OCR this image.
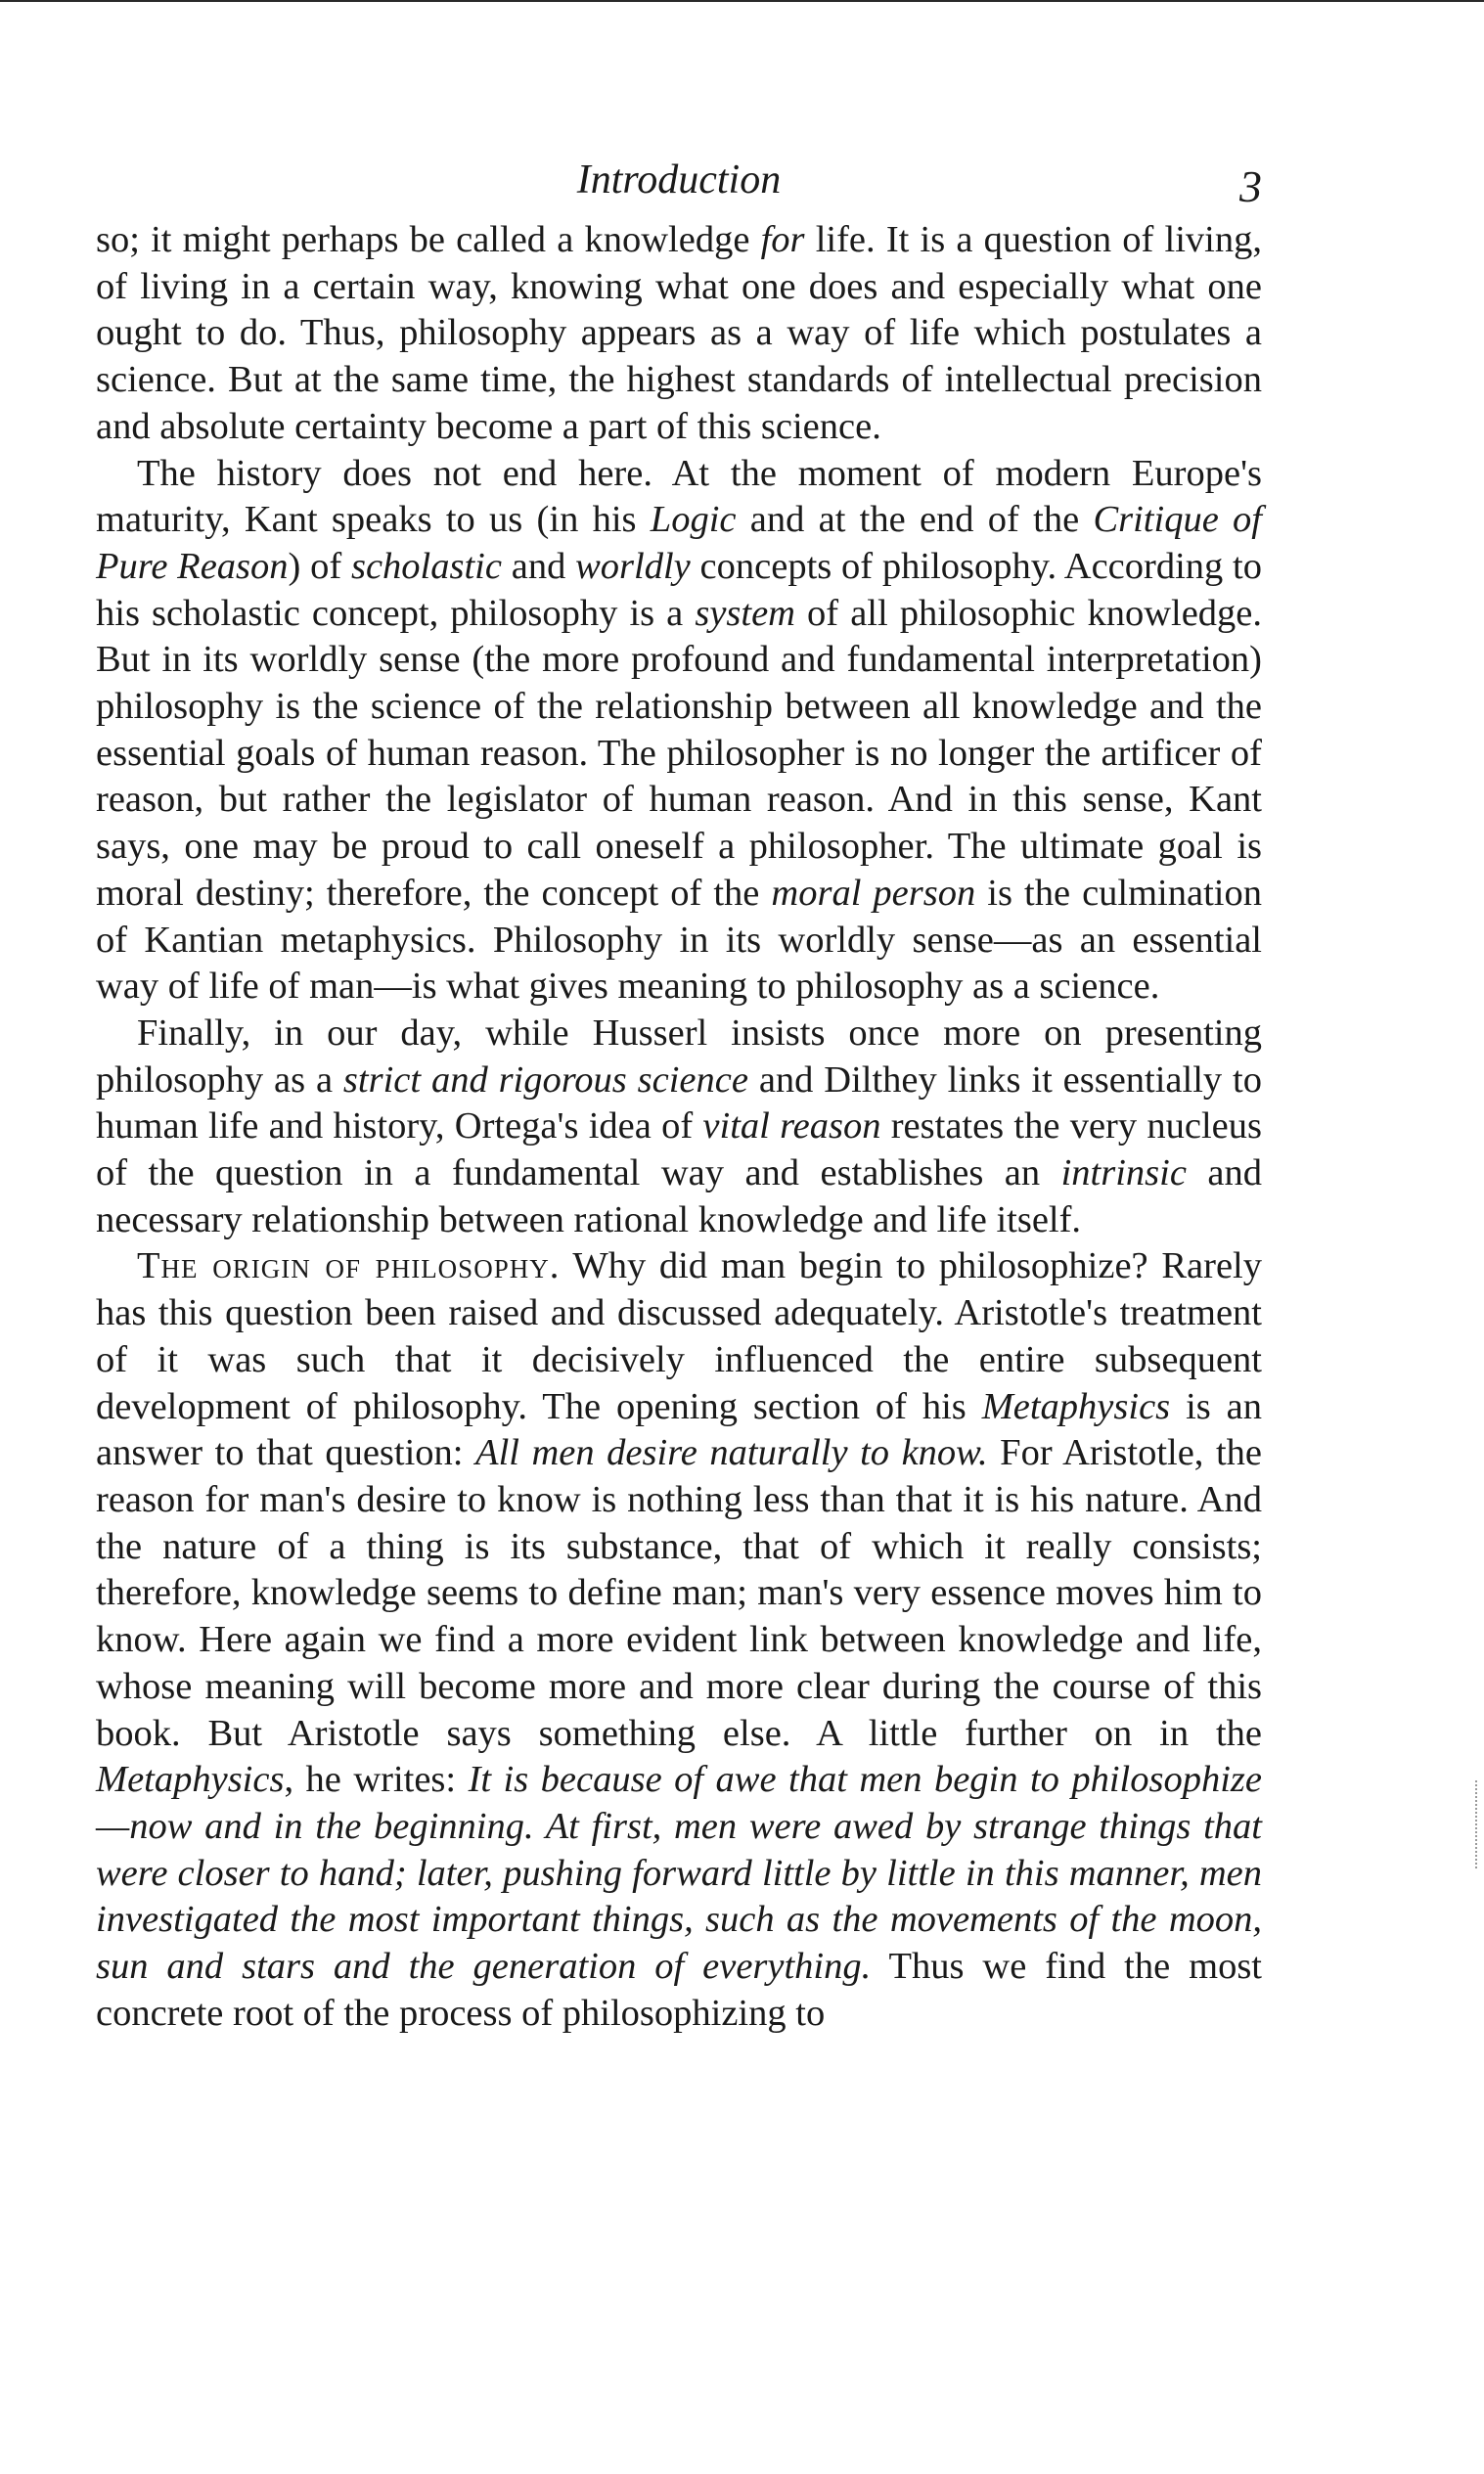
Introduction	3

so; it might perhaps be called a knowledge for life. It is a question of living, of living in a certain way, knowing what one does and especially what one ought to do. Thus, philosophy appears as a way of life which postulates a science. But at the same time, the highest standards of intellectual precision and absolute certainty become a part of this science.

The history does not end here. At the moment of modern Europe's maturity, Kant speaks to us (in his Logic and at the end of the Critique of Pure Reason) of scholastic and worldly concepts of philosophy. According to his scholastic concept, philosophy is a system of all philosophic knowledge. But in its worldly sense (the more profound and fundamental interpretation) philosophy is the science of the relationship between all knowledge and the essential goals of human reason. The philosopher is no longer the artificer of reason, but rather the legislator of human reason. And in this sense, Kant says, one may be proud to call oneself a philosopher. The ultimate goal is moral destiny; therefore, the concept of the moral person is the culmination of Kantian metaphysics. Philosophy in its worldly sense—as an essential way of life of man—is what gives meaning to philosophy as a science.

Finally, in our day, while Husserl insists once more on presenting philosophy as a strict and rigorous science and Dilthey links it essentially to human life and history, Ortega's idea of vital reason restates the very nucleus of the question in a fundamental way and establishes an intrinsic and necessary relationship between rational knowledge and life itself.

The origin of philosophy. Why did man begin to philosophize? Rarely has this question been raised and discussed adequately. Aristotle's treatment of it was such that it decisively influenced the entire subsequent development of philosophy. The opening section of his Metaphysics is an answer to that question: All men desire naturally to know. For Aristotle, the reason for man's desire to know is nothing less than that it is his nature. And the nature of a thing is its substance, that of which it really consists; therefore, knowledge seems to define man; man's very essence moves him to know. Here again we find a more evident link between knowledge and life, whose meaning will become more and more clear during the course of this book. But Aristotle says something else. A little further on in the Metaphysics, he writes: It is because of awe that men begin to philosophize—now and in the beginning. At first, men were awed by strange things that were closer to hand; later, pushing forward little by little in this manner, men investigated the most important things, such as the movements of the moon, sun and stars and the generation of everything. Thus we find the most concrete root of the process of philosophizing to
